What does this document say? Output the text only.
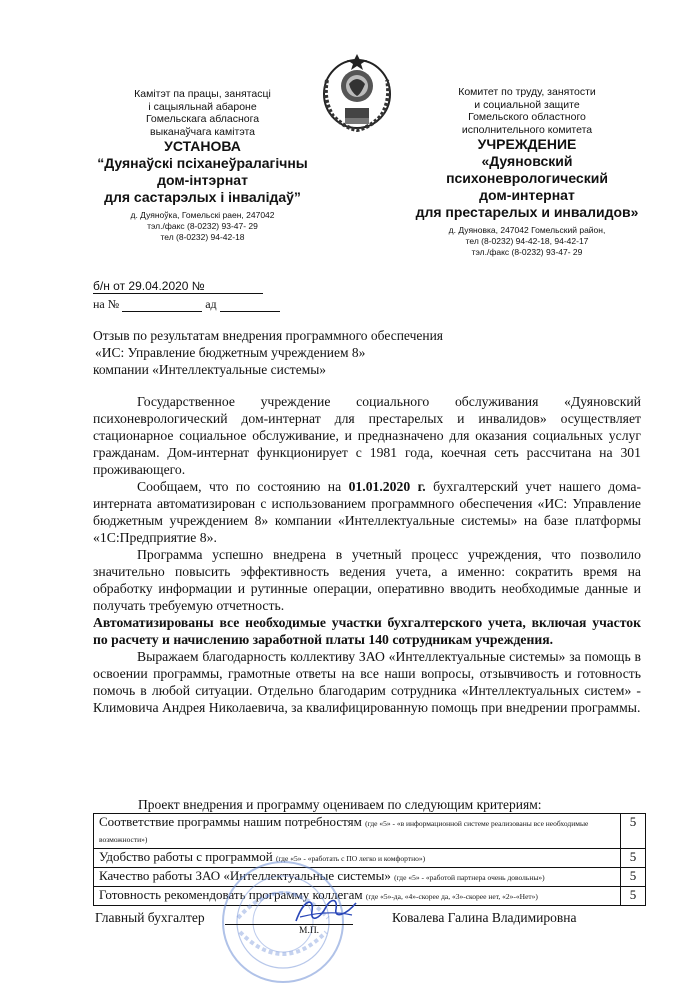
Камітэт па працы, занятасці
і сацыяльнай абароне
Гомельскага абласнога
выканаўчага камітэта
УСТАНОВА
“Дуянаўскі псіханеўралагічны
дом-інтэрнат
для састарэлых і інвалідаў”
д. Дуяноўка, Гомельскі раен, 247042
тэл./факс (8-0232) 93-47- 29
тел (8-0232) 94-42-18
Комитет по труду, занятости
и социальной защите
Гомельского областного
исполнительного комитета
УЧРЕЖДЕНИЕ
«Дуяновский
психоневрологический
дом-интернат
для престарелых и инвалидов»
д. Дуяновка, 247042 Гомельский район,
тел (8-0232) 94-42-18, 94-42-17
тэл./факс (8-0232) 93-47- 29
б/н от 29.04.2020 №
на №	ад
Отзыв по результатам внедрения программного обеспечения
«ИС: Управление бюджетным учреждением 8»
компании «Интеллектуальные системы»

Государственное учреждение социального обслуживания «Дуяновский психоневрологический дом-интернат для престарелых и инвалидов» осуществляет стационарное социальное обслуживание, и предназначено для оказания социальных услуг гражданам. Дом-интернат функционирует с 1981 года, коечная сеть рассчитана на 301 проживающего.

Сообщаем, что по состоянию на 01.01.2020 г. бухгалтерский учет нашего дома-интерната автоматизирован с использованием программного обеспечения «ИС: Управление бюджетным учреждением 8» компании «Интеллектуальные системы» на базе платформы «1С:Предприятие 8».

Программа успешно внедрена в учетный процесс учреждения, что позволило значительно повысить эффективность ведения учета, а именно: сократить время на обработку информации и рутинные операции, оперативно вводить необходимые данные и получать требуемую отчетность.

Автоматизированы все необходимые участки бухгалтерского учета, включая участок по расчету и начислению заработной платы 140 сотрудникам учреждения.

Выражаем благодарность коллективу ЗАО «Интеллектуальные системы» за помощь в освоении программы, грамотные ответы на все наши вопросы, отзывчивость и готовность помочь в любой ситуации. Отдельно благодарим сотрудника «Интеллектуальных систем» - Климовича Андрея Николаевича, за квалифицированную помощь при внедрении программы.

Проект внедрения и программу оцениваем по следующим критериям:
Соответствие программы нашим потребностям (где «5» - «в информационной системе реализованы все необходимые возможности»)	5
Удобство работы с программой (где «5» - «работать с ПО легко и комфортно»)	5
Качество работы ЗАО «Интеллектуальные системы» (где «5» - «работой партнера очень довольны»)	5
Готовность рекомендовать программу коллегам (где «5»-да, «4»-скорее да, «3»-скорее нет, «2»-«Нет»)	5
Главный бухгалтер
М.П.
Ковалева Галина Владимировна
